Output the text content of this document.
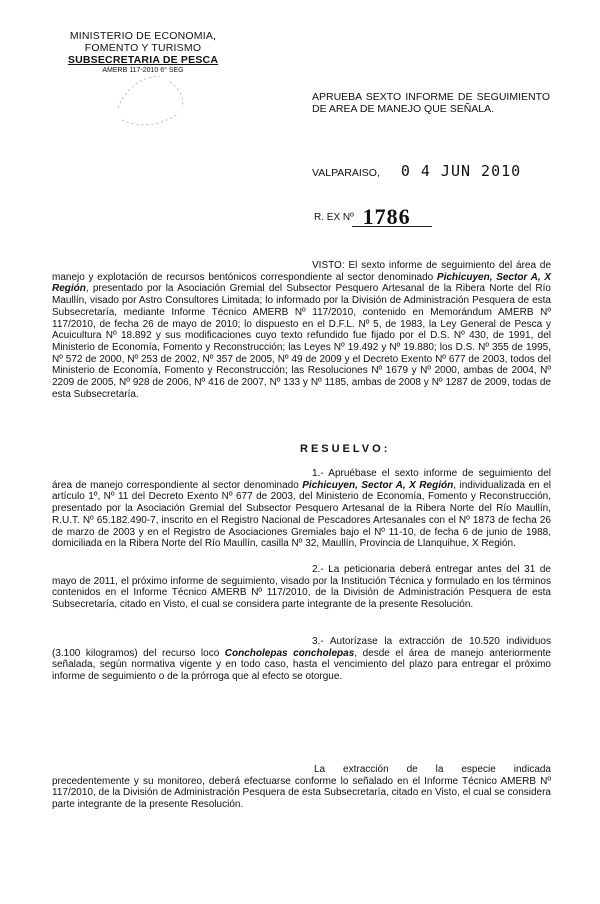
MINISTERIO DE ECONOMIA,
FOMENTO Y TURISMO
SUBSECRETARIA DE PESCA
AMERB 117-2010 6° SEG
APRUEBA SEXTO INFORME DE SEGUIMIENTO DE AREA DE MANEJO QUE SEÑALA.
VALPARAISO, 0 4 JUN 2010
R. EX Nº 1786
VISTO: El sexto informe de seguimiento del área de manejo y explotación de recursos bentónicos correspondiente al sector denominado Pichicuyen, Sector A, X Región, presentado por la Asociación Gremial del Subsector Pesquero Artesanal de la Ribera Norte del Río Maullín, visado por Astro Consultores Limitada; lo informado por la División de Administración Pesquera de esta Subsecretaría, mediante Informe Técnico AMERB Nº 117/2010, contenido en Memorándum AMERB Nº 117/2010, de fecha 26 de mayo de 2010; lo dispuesto en el D.F.L. Nº 5, de 1983, la Ley General de Pesca y Acuicultura Nº 18.892 y sus modificaciones cuyo texto refundido fue fijado por el D.S. Nº 430, de 1991, del Ministerio de Economía, Fomento y Reconstrucción; las Leyes Nº 19.492 y Nº 19.880; los D.S. Nº 355 de 1995, Nº 572 de 2000, Nº 253 de 2002, Nº 357 de 2005, Nº 49 de 2009 y el Decreto Exento Nº 677 de 2003, todos del Ministerio de Economía, Fomento y Reconstrucción; las Resoluciones Nº 1679 y Nº 2000, ambas de 2004, Nº 2209 de 2005, Nº 928 de 2006, Nº 416 de 2007, Nº 133 y Nº 1185, ambas de 2008 y Nº 1287 de 2009, todas de esta Subsecretaría.
RESUELVO:
1.- Apruébase el sexto informe de seguimiento del área de manejo correspondiente al sector denominado Pichicuyen, Sector A, X Región, individualizada en el artículo 1º, Nº 11 del Decreto Exento Nº 677 de 2003, del Ministerio de Economía, Fomento y Reconstrucción, presentado por la Asociación Gremial del Subsector Pesquero Artesanal de la Ribera Norte del Río Maullín, R.U.T. Nº 65.182.490-7, inscrito en el Registro Nacional de Pescadores Artesanales con el Nº 1873 de fecha 26 de marzo de 2003 y en el Registro de Asociaciones Gremiales bajo el Nº 11-10, de fecha 6 de junio de 1988, domiciliada en la Ribera Norte del Río Maullín, casilla Nº 32, Maullín, Provincia de Llanquihue, X Región.
2.- La peticionaria deberá entregar antes del 31 de mayo de 2011, el próximo informe de seguimiento, visado por la Institución Técnica y formulado en los términos contenidos en el Informe Técnico AMERB Nº 117/2010, de la División de Administración Pesquera de esta Subsecretaría, citado en Visto, el cual se considera parte integrante de la presente Resolución.
3.- Autorízase la extracción de 10.520 individuos (3.100 kilogramos) del recurso loco Concholepas concholepas, desde el área de manejo anteriormente señalada, según normativa vigente y en todo caso, hasta el vencimiento del plazo para entregar el próximo informe de seguimiento o de la prórroga que al efecto se otorgue.
La extracción de la especie indicada precedentemente y su monitoreo, deberá efectuarse conforme lo señalado en el Informe Técnico AMERB Nº 117/2010, de la División de Administración Pesquera de esta Subsecretaría, citado en Visto, el cual se considera parte integrante de la presente Resolución.
